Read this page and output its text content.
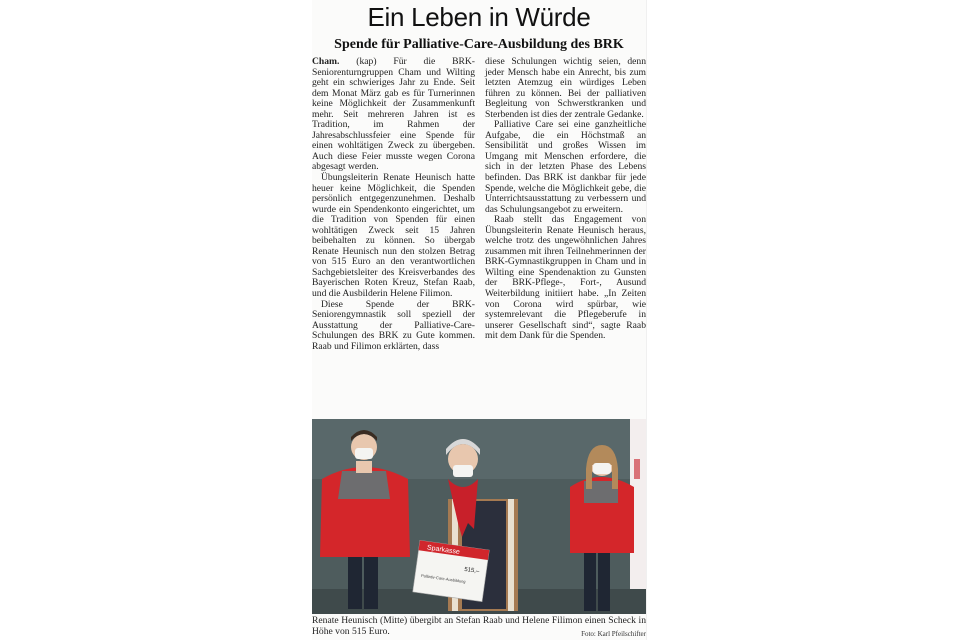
Ein Leben in Würde
Spende für Palliative-Care-Ausbildung des BRK

Cham. (kap) Für die BRK-Seniorenturngruppen Cham und Wilting geht ein schwieriges Jahr zu Ende. Seit dem Monat März gab es für Turnerinnen keine Möglichkeit der Zusammenkunft mehr. Seit mehreren Jahren ist es Tradition, im Rahmen der Jahresabschlussfeier eine Spende für einen wohltätigen Zweck zu übergeben. Auch diese Feier musste wegen Corona abgesagt werden.

Übungsleiterin Renate Heunisch hatte heuer keine Möglichkeit, die Spenden persönlich entgegenzunehmen. Deshalb wurde ein Spendenkonto eingerichtet, um die Tradition von Spenden für einen wohltätigen Zweck seit 15 Jahren beibehalten zu können. So übergab Renate Heunisch nun den stolzen Betrag von 515 Euro an den verantwortlichen Sachgebietsleiter des Kreisverbandes des Bayerischen Roten Kreuz, Stefan Raab, und die Ausbilderin Helene Filimon.

Diese Spende der BRK-Seniorengymnastik soll speziell der Ausstattung der Palliative-Care-Schulungen des BRK zu Gute kommen. Raab und Filimon erklärten, dass

diese Schulungen wichtig seien, denn jeder Mensch habe ein Anrecht, bis zum letzten Atemzug ein würdiges Leben führen zu können. Bei der palliativen Begleitung von Schwerstkranken und Sterbenden ist dies der zentrale Gedanke.

Palliative Care sei eine ganzheitliche Aufgabe, die ein Höchstmaß an Sensibilität und großes Wissen im Umgang mit Menschen erfordere, die sich in der letzten Phase des Lebens befinden. Das BRK ist dankbar für jede Spende, welche die Möglichkeit gebe, die Unterrichtsausstattung zu verbessern und das Schulungsangebot zu erweitern.

Raab stellt das Engagement von Übungsleiterin Renate Heunisch heraus, welche trotz des ungewöhnlichen Jahres zusammen mit ihren Teilnehmerinnen der BRK-Gymnastikgruppen in Cham und in Wilting eine Spendenaktion zu Gunsten der BRK-Pflege-, Fort-, Ausund Weiterbildung initiiert habe. „In Zeiten von Corona wird spürbar, wie systemrelevant die Pflegeberufe in unserer Gesellschaft sind“, sagte Raab mit dem Dank für die Spenden.

Sparkasse
515,–
Palliativ-Care-Ausbildung
Renate Heunisch (Mitte) übergibt an Stefan Raab und Helene Filimon einen Scheck in Höhe von 515 Euro.	Foto: Karl Pfeilschifter
